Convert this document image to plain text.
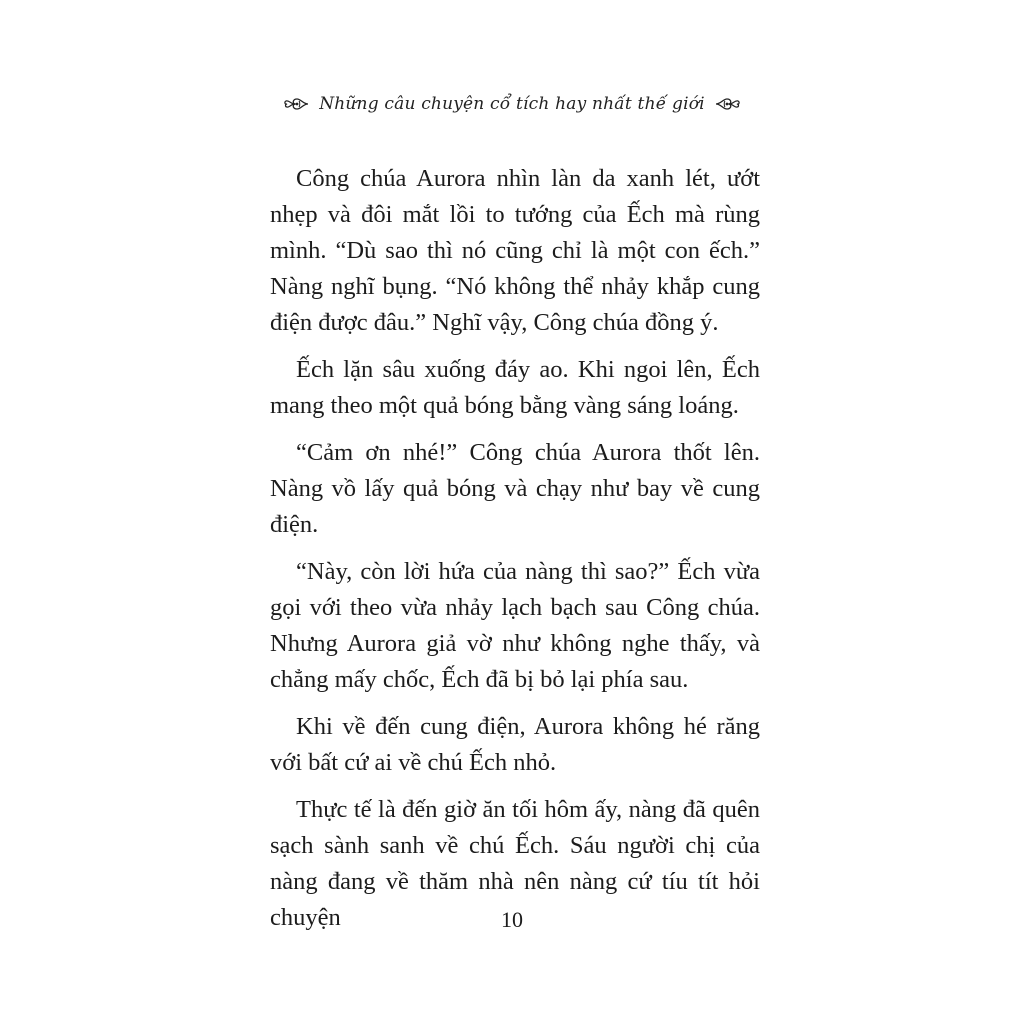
Những câu chuyện cổ tích hay nhất thế giới

Công chúa Aurora nhìn làn da xanh lét, ướt nhẹp và đôi mắt lồi to tướng của Ếch mà rùng mình. “Dù sao thì nó cũng chỉ là một con ếch.” Nàng nghĩ bụng. “Nó không thể nhảy khắp cung điện được đâu.” Nghĩ vậy, Công chúa đồng ý.

Ếch lặn sâu xuống đáy ao. Khi ngoi lên, Ếch mang theo một quả bóng bằng vàng sáng loáng.

“Cảm ơn nhé!” Công chúa Aurora thốt lên. Nàng vồ lấy quả bóng và chạy như bay về cung điện.

“Này, còn lời hứa của nàng thì sao?” Ếch vừa gọi với theo vừa nhảy lạch bạch sau Công chúa. Nhưng Aurora giả vờ như không nghe thấy, và chẳng mấy chốc, Ếch đã bị bỏ lại phía sau.

Khi về đến cung điện, Aurora không hé răng với bất cứ ai về chú Ếch nhỏ.

Thực tế là đến giờ ăn tối hôm ấy, nàng đã quên sạch sành sanh về chú Ếch. Sáu người chị của nàng đang về thăm nhà nên nàng cứ tíu tít hỏi chuyện	10
